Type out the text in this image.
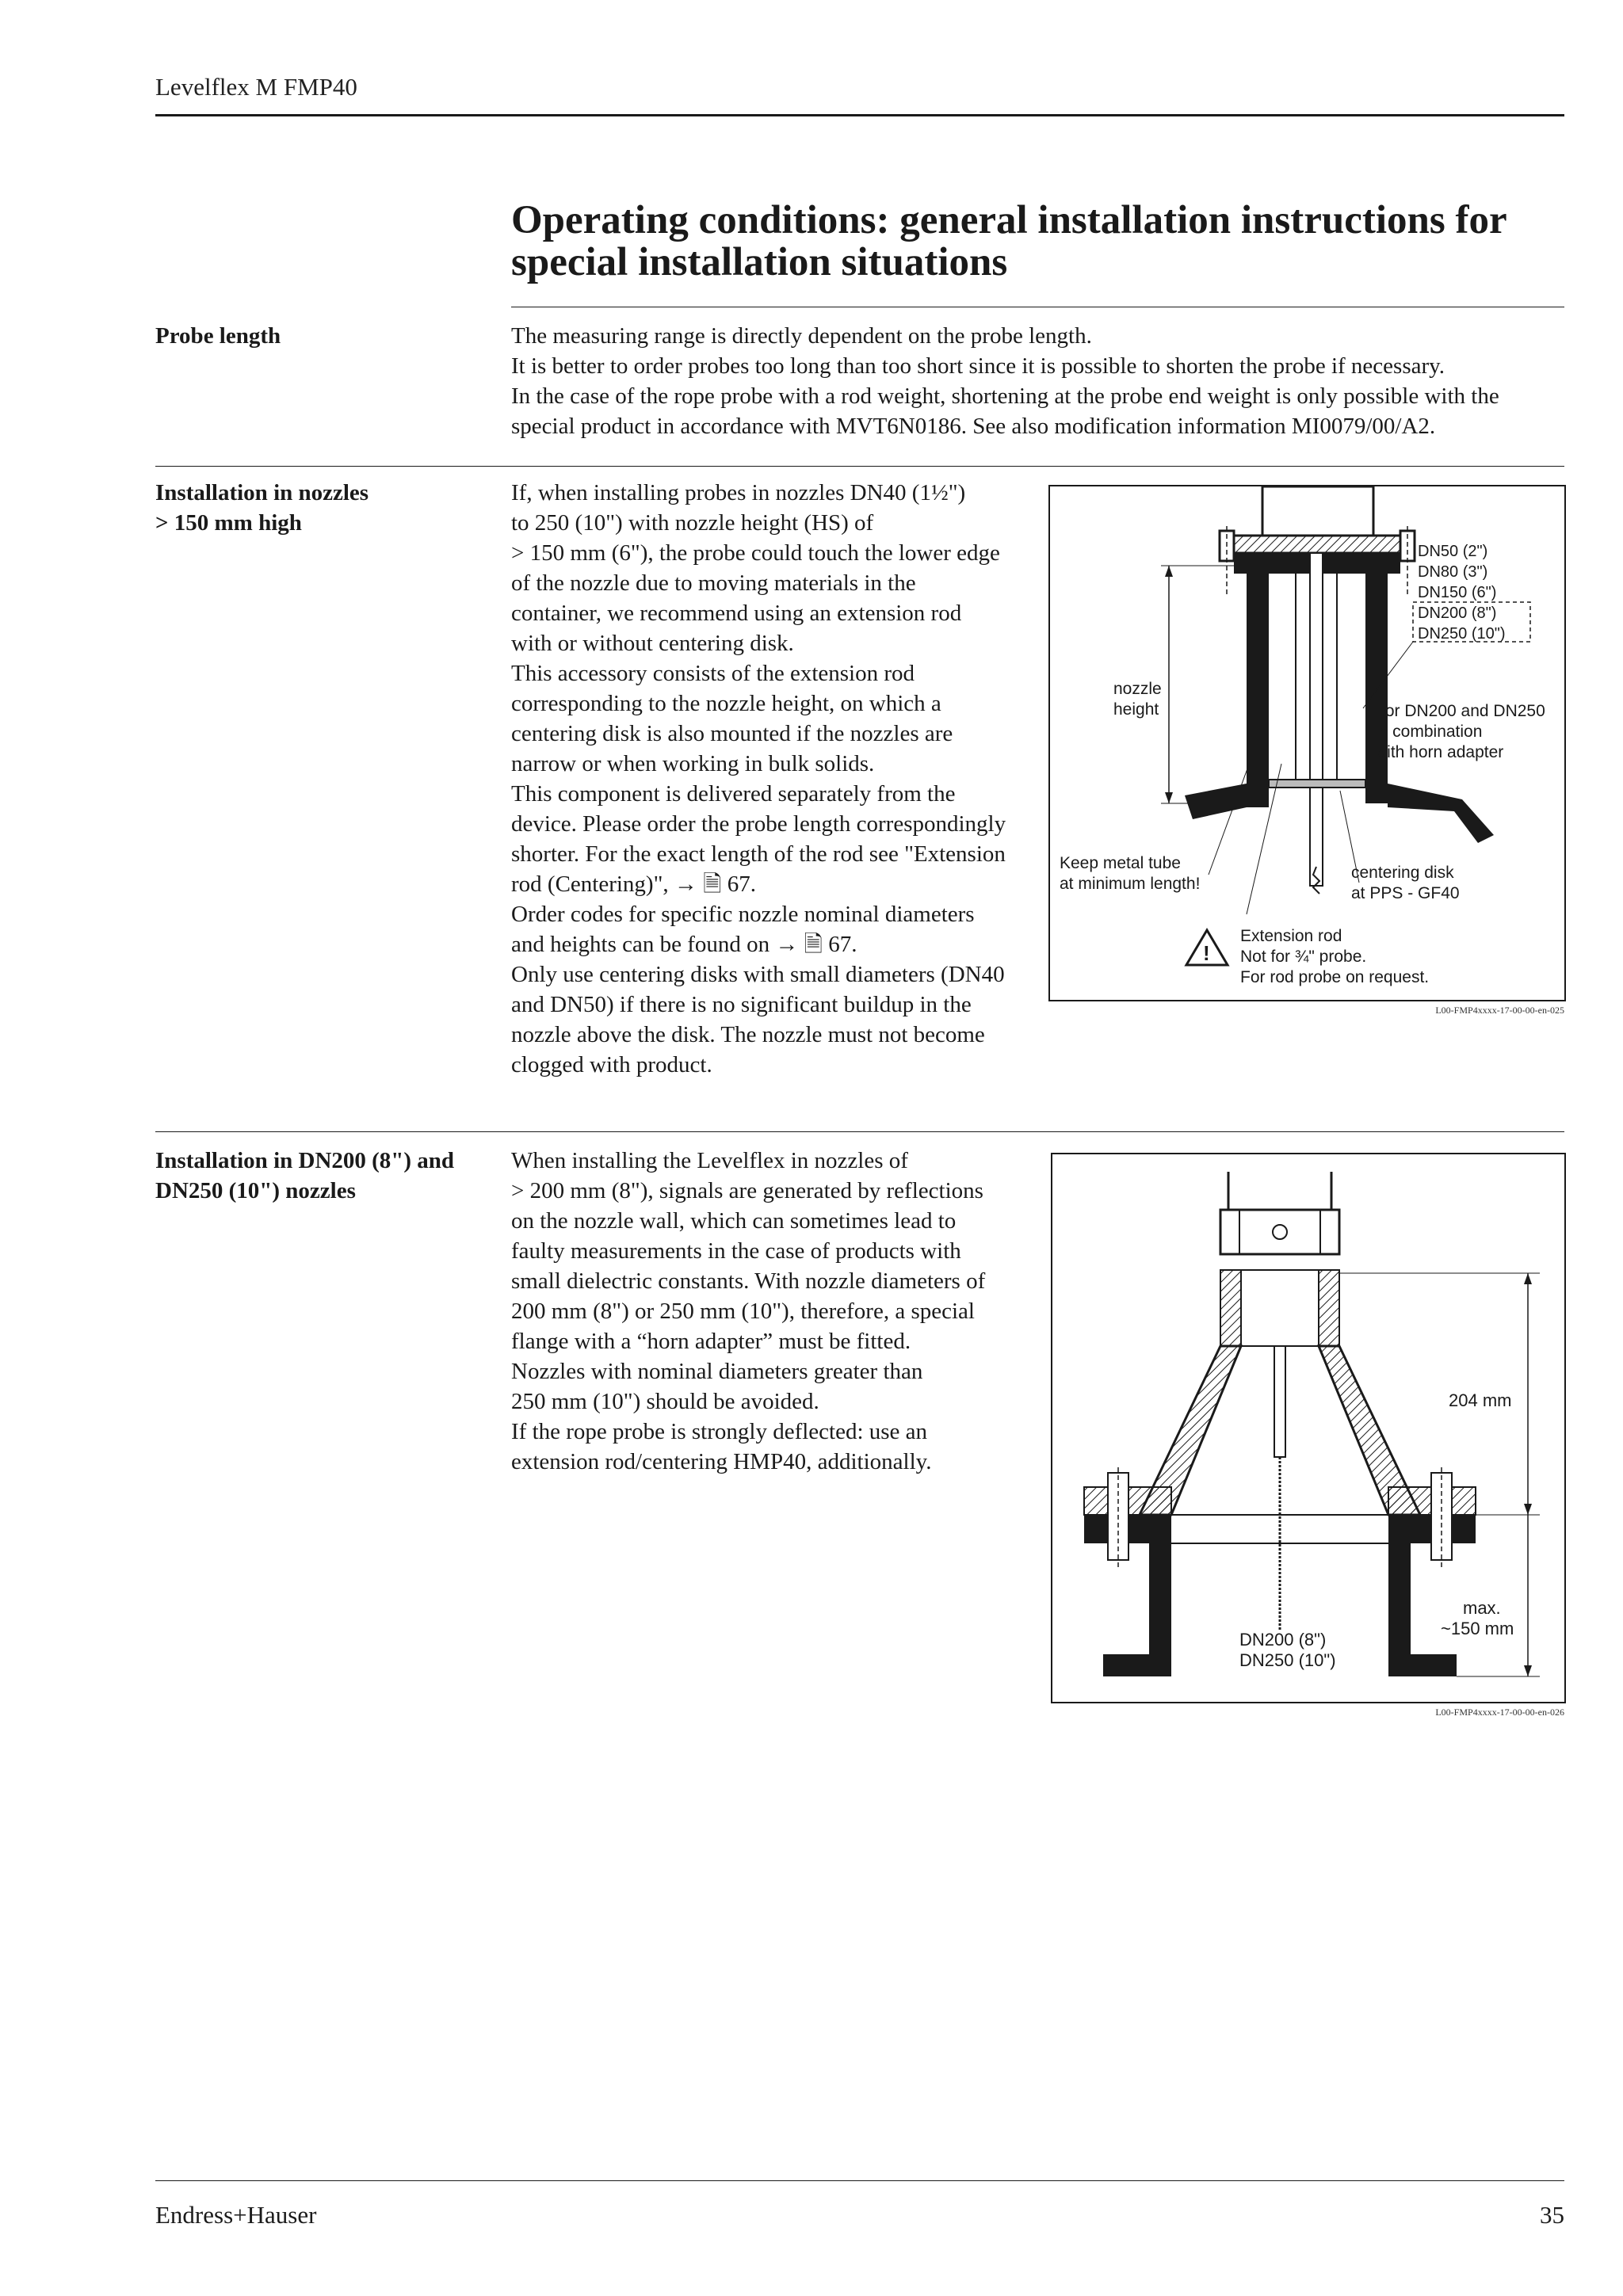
Levelflex M FMP40
Operating conditions: general installation instructions for
special installation situations
Probe length	The measuring range is directly dependent on the probe length.
It is better to order probes too long than too short since it is possible to shorten the probe if necessary.
In the case of the rope probe with a rod weight, shortening at the probe end weight is only possible with the
special product in accordance with MVT6N0186. See also modification information MI0079/00/A2.
Installation in nozzles
> 150 mm high
If, when installing probes in nozzles DN40 (1½")
to 250 (10") with nozzle height (HS) of
> 150 mm (6"), the probe could touch the lower edge
of the nozzle due to moving materials in the
container, we recommend using an extension rod
with or without centering disk.
This accessory consists of the extension rod
corresponding to the nozzle height, on which a
centering disk is also mounted if the nozzles are
narrow or when working in bulk solids.
This component is delivered separately from the
device. Please order the probe length correspondingly
shorter. For the exact length of the rod see "Extension
rod (Centering)", → 🗎 67.
Order codes for specific nozzle nominal diameters
and heights can be found on → 🗎 67.
Only use centering disks with small diameters (DN40
and DN50) if there is no significant buildup in the
nozzle above the disk. The nozzle must not become
clogged with product.
nozzle
height
DN50 (2")
DN80 (3")
DN150 (6")
DN200 (8")
DN250 (10")
For DN200 and DN250
in combination
with horn adapter
Keep metal tube
at minimum length!
centering disk
at PPS - GF40
!
Extension rod
Not for ¾" probe.
For rod probe on request.
L00-FMP4xxxx-17-00-00-en-025
Installation in DN200 (8") and
DN250 (10") nozzles
When installing the Levelflex in nozzles of
> 200 mm (8"), signals are generated by reflections
on the nozzle wall, which can sometimes lead to
faulty measurements in the case of products with
small dielectric constants. With nozzle diameters of
200 mm (8") or 250 mm (10"), therefore, a special
flange with a “horn adapter” must be fitted.
Nozzles with nominal diameters greater than
250 mm (10") should be avoided.
If the rope probe is strongly deflected: use an
extension rod/centering HMP40, additionally.
204 mm
max.
~150 mm
DN200 (8")
DN250 (10")
L00-FMP4xxxx-17-00-00-en-026
Endress+Hauser	35
